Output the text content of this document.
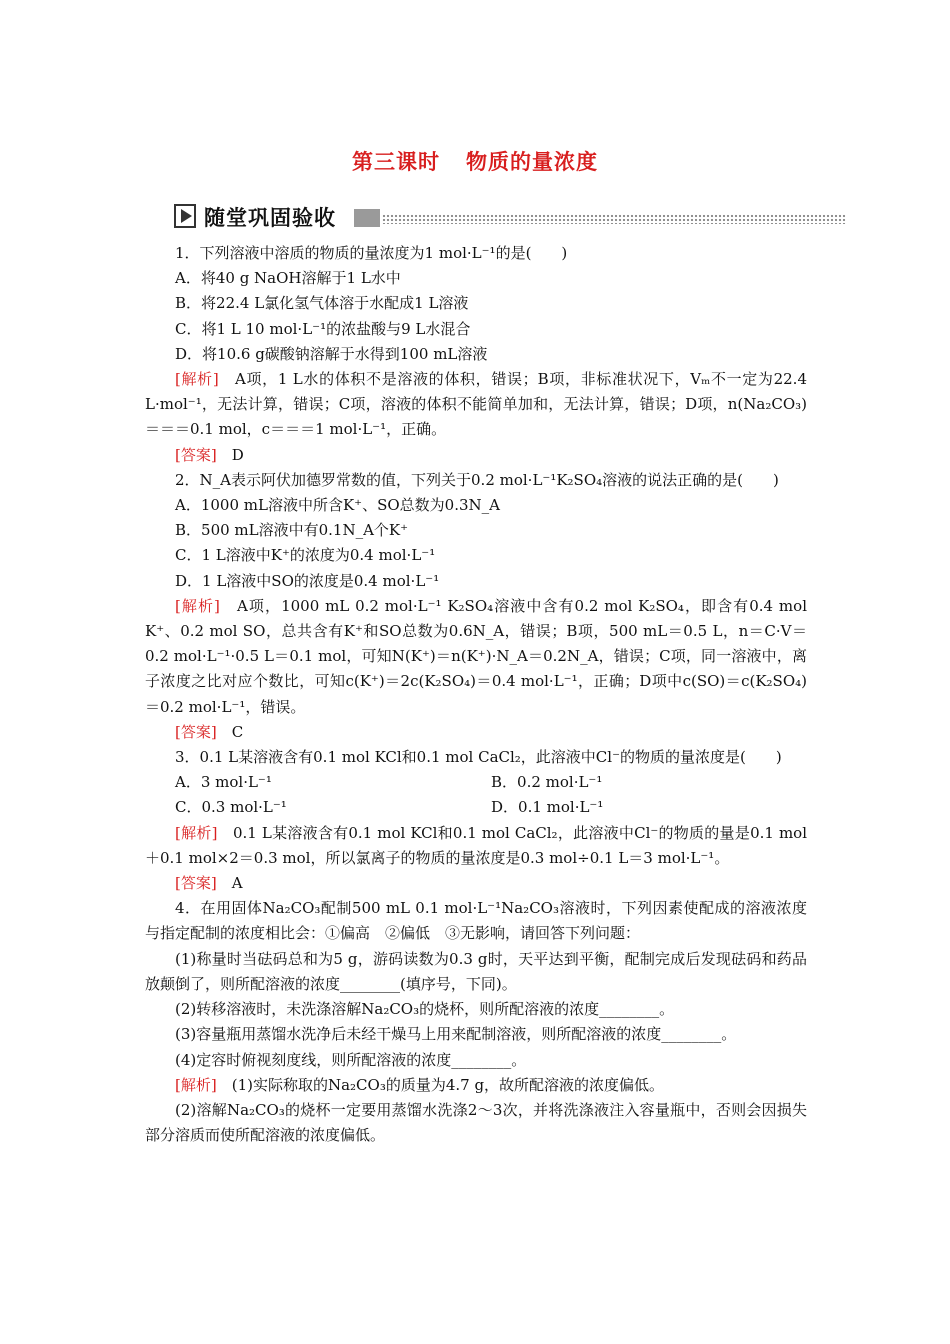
第三课时 物质的量浓度
随堂巩固验收
1．下列溶液中溶质的物质的量浓度为1 mol·L⁻¹的是(　　)
A．将40 g NaOH溶解于1 L水中
B．将22.4 L氯化氢气体溶于水配成1 L溶液
C．将1 L 10 mol·L⁻¹的浓盐酸与9 L水混合
D．将10.6 g碳酸钠溶解于水得到100 mL溶液
[解析]　A项，1 L水的体积不是溶液的体积，错误；B项，非标准状况下，Vₘ不一定为22.4 L·mol⁻¹，无法计算，错误；C项，溶液的体积不能简单加和，无法计算，错误；D项，n(Na₂CO₃)＝＝＝0.1 mol，c＝＝＝1 mol·L⁻¹，正确。
[答案]　D
2．N_A表示阿伏加德罗常数的值，下列关于0.2 mol·L⁻¹K₂SO₄溶液的说法正确的是(　　)
A．1000 mL溶液中所含K⁺、SO总数为0.3N_A
B．500 mL溶液中有0.1N_A个K⁺
C．1 L溶液中K⁺的浓度为0.4 mol·L⁻¹
D．1 L溶液中SO的浓度是0.4 mol·L⁻¹
[解析]　A项，1000 mL 0.2 mol·L⁻¹ K₂SO₄溶液中含有0.2 mol K₂SO₄，即含有0.4 mol K⁺、0.2 mol SO，总共含有K⁺和SO总数为0.6N_A，错误；B项，500 mL＝0.5 L，n＝C·V＝0.2 mol·L⁻¹·0.5 L＝0.1 mol，可知N(K⁺)＝n(K⁺)·N_A＝0.2N_A，错误；C项，同一溶液中，离子浓度之比对应个数比，可知c(K⁺)＝2c(K₂SO₄)＝0.4 mol·L⁻¹，正确；D项中c(SO)＝c(K₂SO₄)＝0.2 mol·L⁻¹，错误。
[答案]　C
3．0.1 L某溶液含有0.1 mol KCl和0.1 mol CaCl₂，此溶液中Cl⁻的物质的量浓度是(　　)
A．3 mol·L⁻¹	B．0.2 mol·L⁻¹
C．0.3 mol·L⁻¹	D．0.1 mol·L⁻¹
[解析]　0.1 L某溶液含有0.1 mol KCl和0.1 mol CaCl₂，此溶液中Cl⁻的物质的量是0.1 mol＋0.1 mol×2＝0.3 mol，所以氯离子的物质的量浓度是0.3 mol÷0.1 L＝3 mol·L⁻¹。
[答案]　A
4．在用固体Na₂CO₃配制500 mL 0.1 mol·L⁻¹Na₂CO₃溶液时，下列因素使配成的溶液浓度与指定配制的浓度相比会：①偏高　②偏低　③无影响，请回答下列问题：
(1)称量时当砝码总和为5 g，游码读数为0.3 g时，天平达到平衡，配制完成后发现砝码和药品放颠倒了，则所配溶液的浓度________(填序号，下同)。
(2)转移溶液时，未洗涤溶解Na₂CO₃的烧杯，则所配溶液的浓度________。
(3)容量瓶用蒸馏水洗净后未经干燥马上用来配制溶液，则所配溶液的浓度________。
(4)定容时俯视刻度线，则所配溶液的浓度________。
[解析]　(1)实际称取的Na₂CO₃的质量为4.7 g，故所配溶液的浓度偏低。
(2)溶解Na₂CO₃的烧杯一定要用蒸馏水洗涤2～3次，并将洗涤液注入容量瓶中，否则会因损失部分溶质而使所配溶液的浓度偏低。
